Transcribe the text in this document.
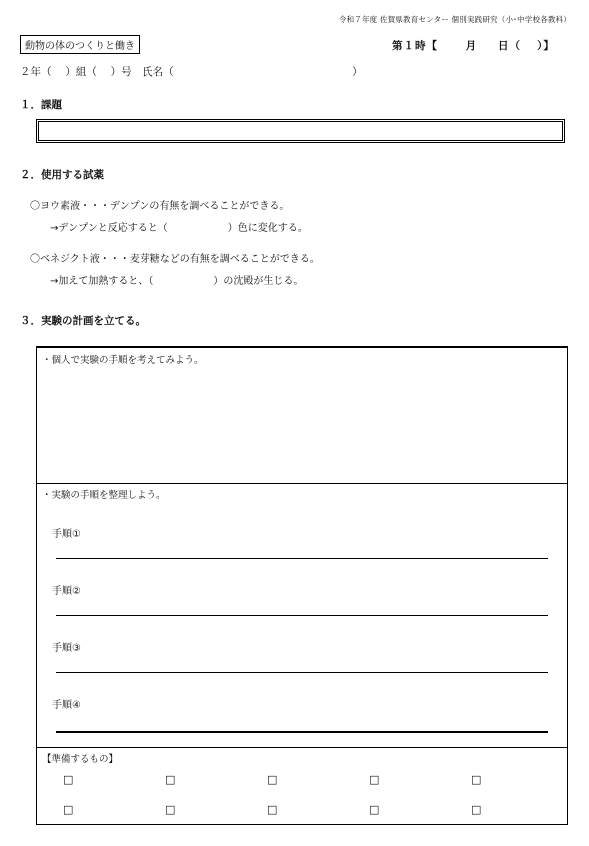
令和７年度 佐賀県教育センター 個別実践研究（小･中学校各教科）
動物の体のつくりと働き	第１時【　 　月 　 日（　 ）】
２年（　 ）組（　 ）号　氏名（　　　　　　　　　　　　　　　　　）
１．課題
２．使用する試薬
〇ヨウ素液・・・デンプンの有無を調べることができる。
→デンプンと反応すると（　　　　　　）色に変化する。
〇ベネジクト液・・・麦芽糖などの有無を調べることができる。
→加えて加熱すると、（　　　　　　）の沈殿が生じる。
３．実験の計画を立てる。
・個人で実験の手順を考えてみよう。
・実験の手順を整理しよう。
手順①
手順②
手順③
手順④
【準備するもの】
□	□	□	□	□
□	□	□	□	□
